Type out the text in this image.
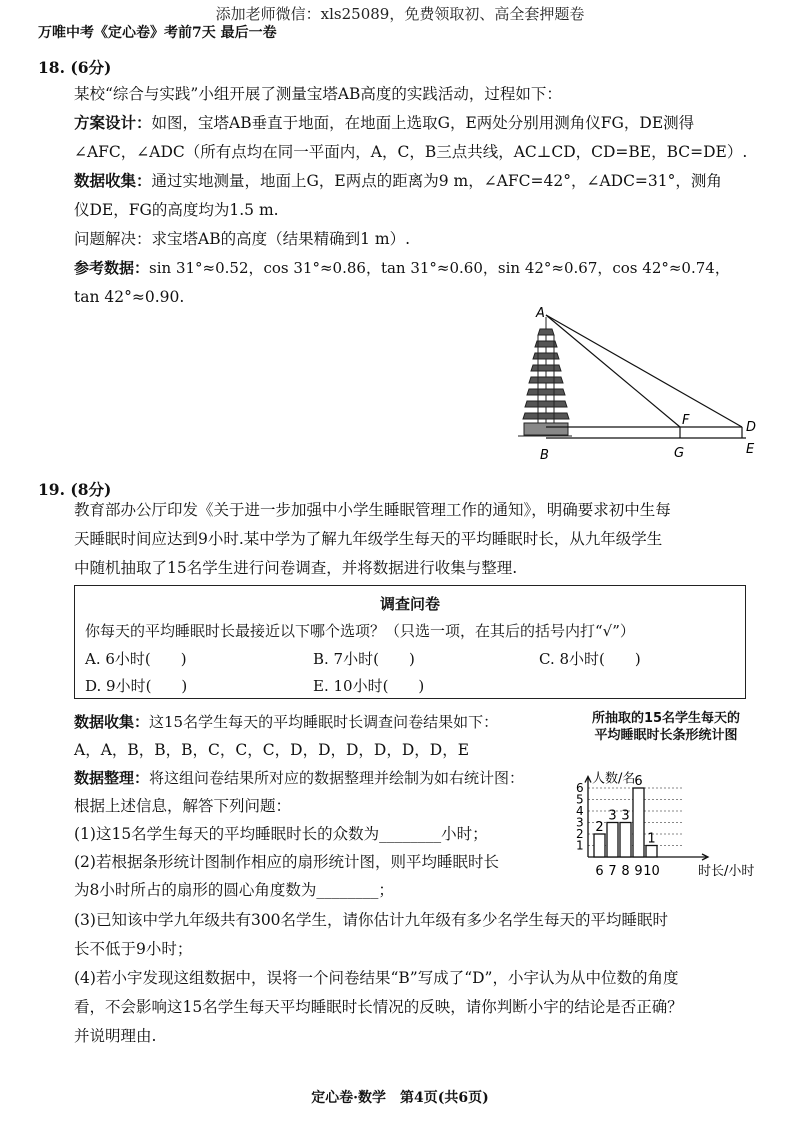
添加老师微信：xls25089，免费领取初、高全套押题卷
万唯中考《定心卷》考前7天 最后一卷
18. (6分)
某校“综合与实践”小组开展了测量宝塔AB高度的实践活动，过程如下：
方案设计：如图，宝塔AB垂直于地面，在地面上选取G，E两处分别用测角仪FG，DE测得
∠AFC，∠ADC（所有点均在同一平面内，A，C，B三点共线，AC⊥CD，CD=BE，BC=DE）.
数据收集：通过实地测量，地面上G，E两点的距离为9 m，∠AFC=42°，∠ADC=31°，测角
仪DE，FG的高度均为1.5 m.
问题解决：求宝塔AB的高度（结果精确到1 m）.
参考数据：sin 31°≈0.52，cos 31°≈0.86，tan 31°≈0.60，sin 42°≈0.67，cos 42°≈0.74，
tan 42°≈0.90.
A
B
F
G
D
E
19. (8分)
教育部办公厅印发《关于进一步加强中小学生睡眠管理工作的通知》，明确要求初中生每
天睡眠时间应达到9小时.某中学为了解九年级学生每天的平均睡眠时长，从九年级学生
中随机抽取了15名学生进行问卷调查，并将数据进行收集与整理.
调查问卷
你每天的平均睡眠时长最接近以下哪个选项？（只选一项，在其后的括号内打“√”）
A. 6小时(　　)	B. 7小时(　　)	C. 8小时(　　)
D. 9小时(　　)	E. 10小时(　　)
数据收集：这15名学生每天的平均睡眠时长调查问卷结果如下：
A，A，B，B，B，C，C，C，D，D，D，D，D，D，E
数据整理：将这组问卷结果所对应的数据整理并绘制为如右统计图：
根据上述信息，解答下列问题：
(1)这15名学生每天的平均睡眠时长的众数为________小时；
(2)若根据条形统计图制作相应的扇形统计图，则平均睡眠时长
为8小时所占的扇形的圆心角度数为________；
(3)已知该中学九年级共有300名学生，请你估计九年级有多少名学生每天的平均睡眠时
长不低于9小时；
(4)若小宇发现这组数据中，误将一个问卷结果“B”写成了“D”，小宇认为从中位数的角度
看，不会影响这15名学生每天平均睡眠时长情况的反映，请你判断小宇的结论是否正确？
并说明理由.
所抽取的15名学生每天的
平均睡眠时长条形统计图
人数/名
1
2
3
4
5
6
2
6
3
7
3
8
6
9
1
10	时长/小时
定心卷·数学　第4页(共6页)
